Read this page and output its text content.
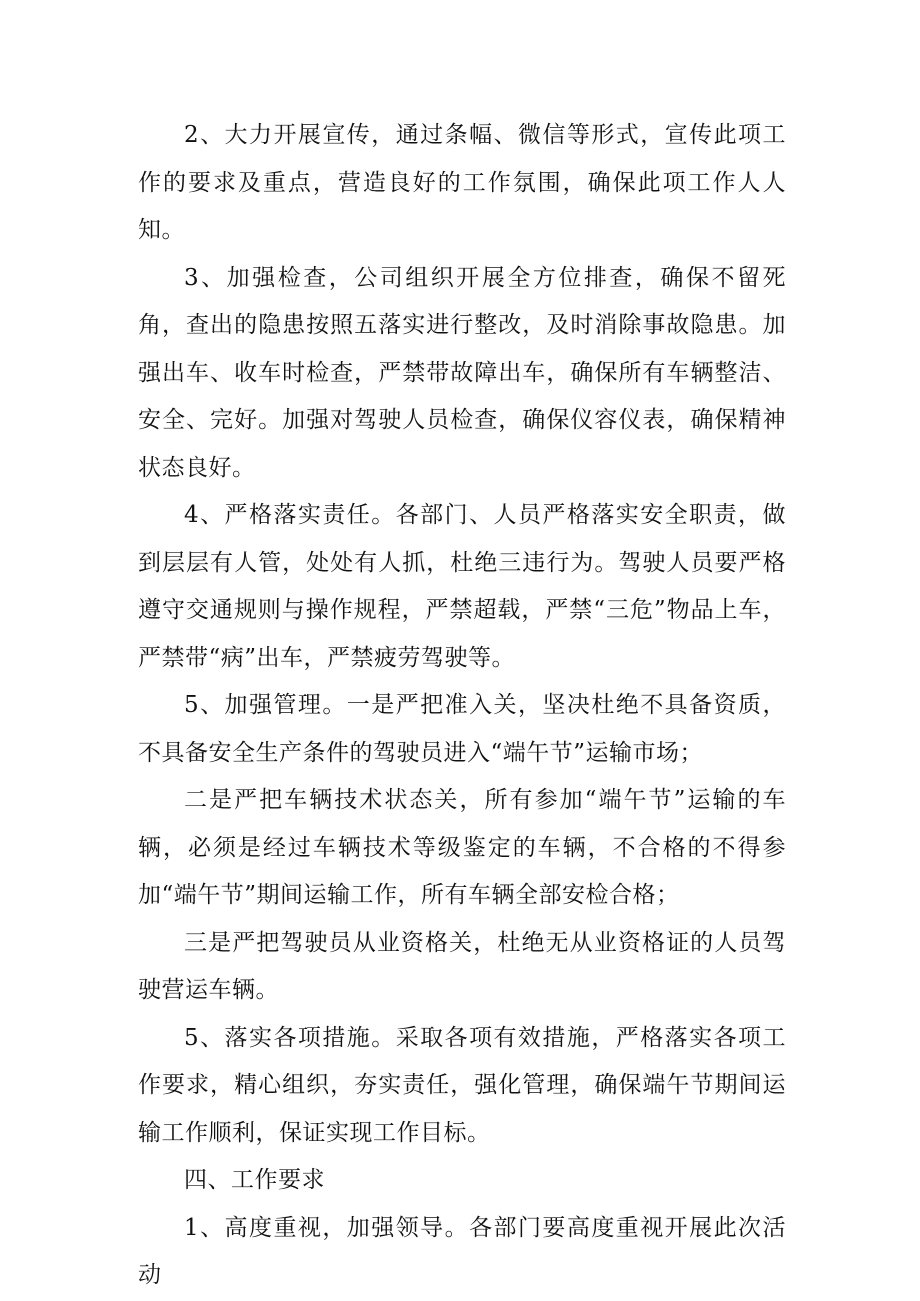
2、大力开展宣传，通过条幅、微信等形式，宣传此项工作的要求及重点，营造良好的工作氛围，确保此项工作人人知。

3、加强检查，公司组织开展全方位排查，确保不留死角，查出的隐患按照五落实进行整改，及时消除事故隐患。加强出车、收车时检查，严禁带故障出车，确保所有车辆整洁、安全、完好。加强对驾驶人员检查，确保仪容仪表，确保精神状态良好。

4、严格落实责任。各部门、人员严格落实安全职责，做到层层有人管，处处有人抓，杜绝三违行为。驾驶人员要严格遵守交通规则与操作规程，严禁超载，严禁“三危”物品上车，严禁带“病”出车，严禁疲劳驾驶等。

5、加强管理。一是严把准入关，坚决杜绝不具备资质，不具备安全生产条件的驾驶员进入“端午节”运输市场；

二是严把车辆技术状态关，所有参加“端午节”运输的车辆，必须是经过车辆技术等级鉴定的车辆，不合格的不得参加“端午节”期间运输工作，所有车辆全部安检合格；

三是严把驾驶员从业资格关，杜绝无从业资格证的人员驾驶营运车辆。

5、落实各项措施。采取各项有效措施，严格落实各项工作要求，精心组织，夯实责任，强化管理，确保端午节期间运输工作顺利，保证实现工作目标。

四、工作要求

1、高度重视，加强领导。各部门要高度重视开展此次活动
